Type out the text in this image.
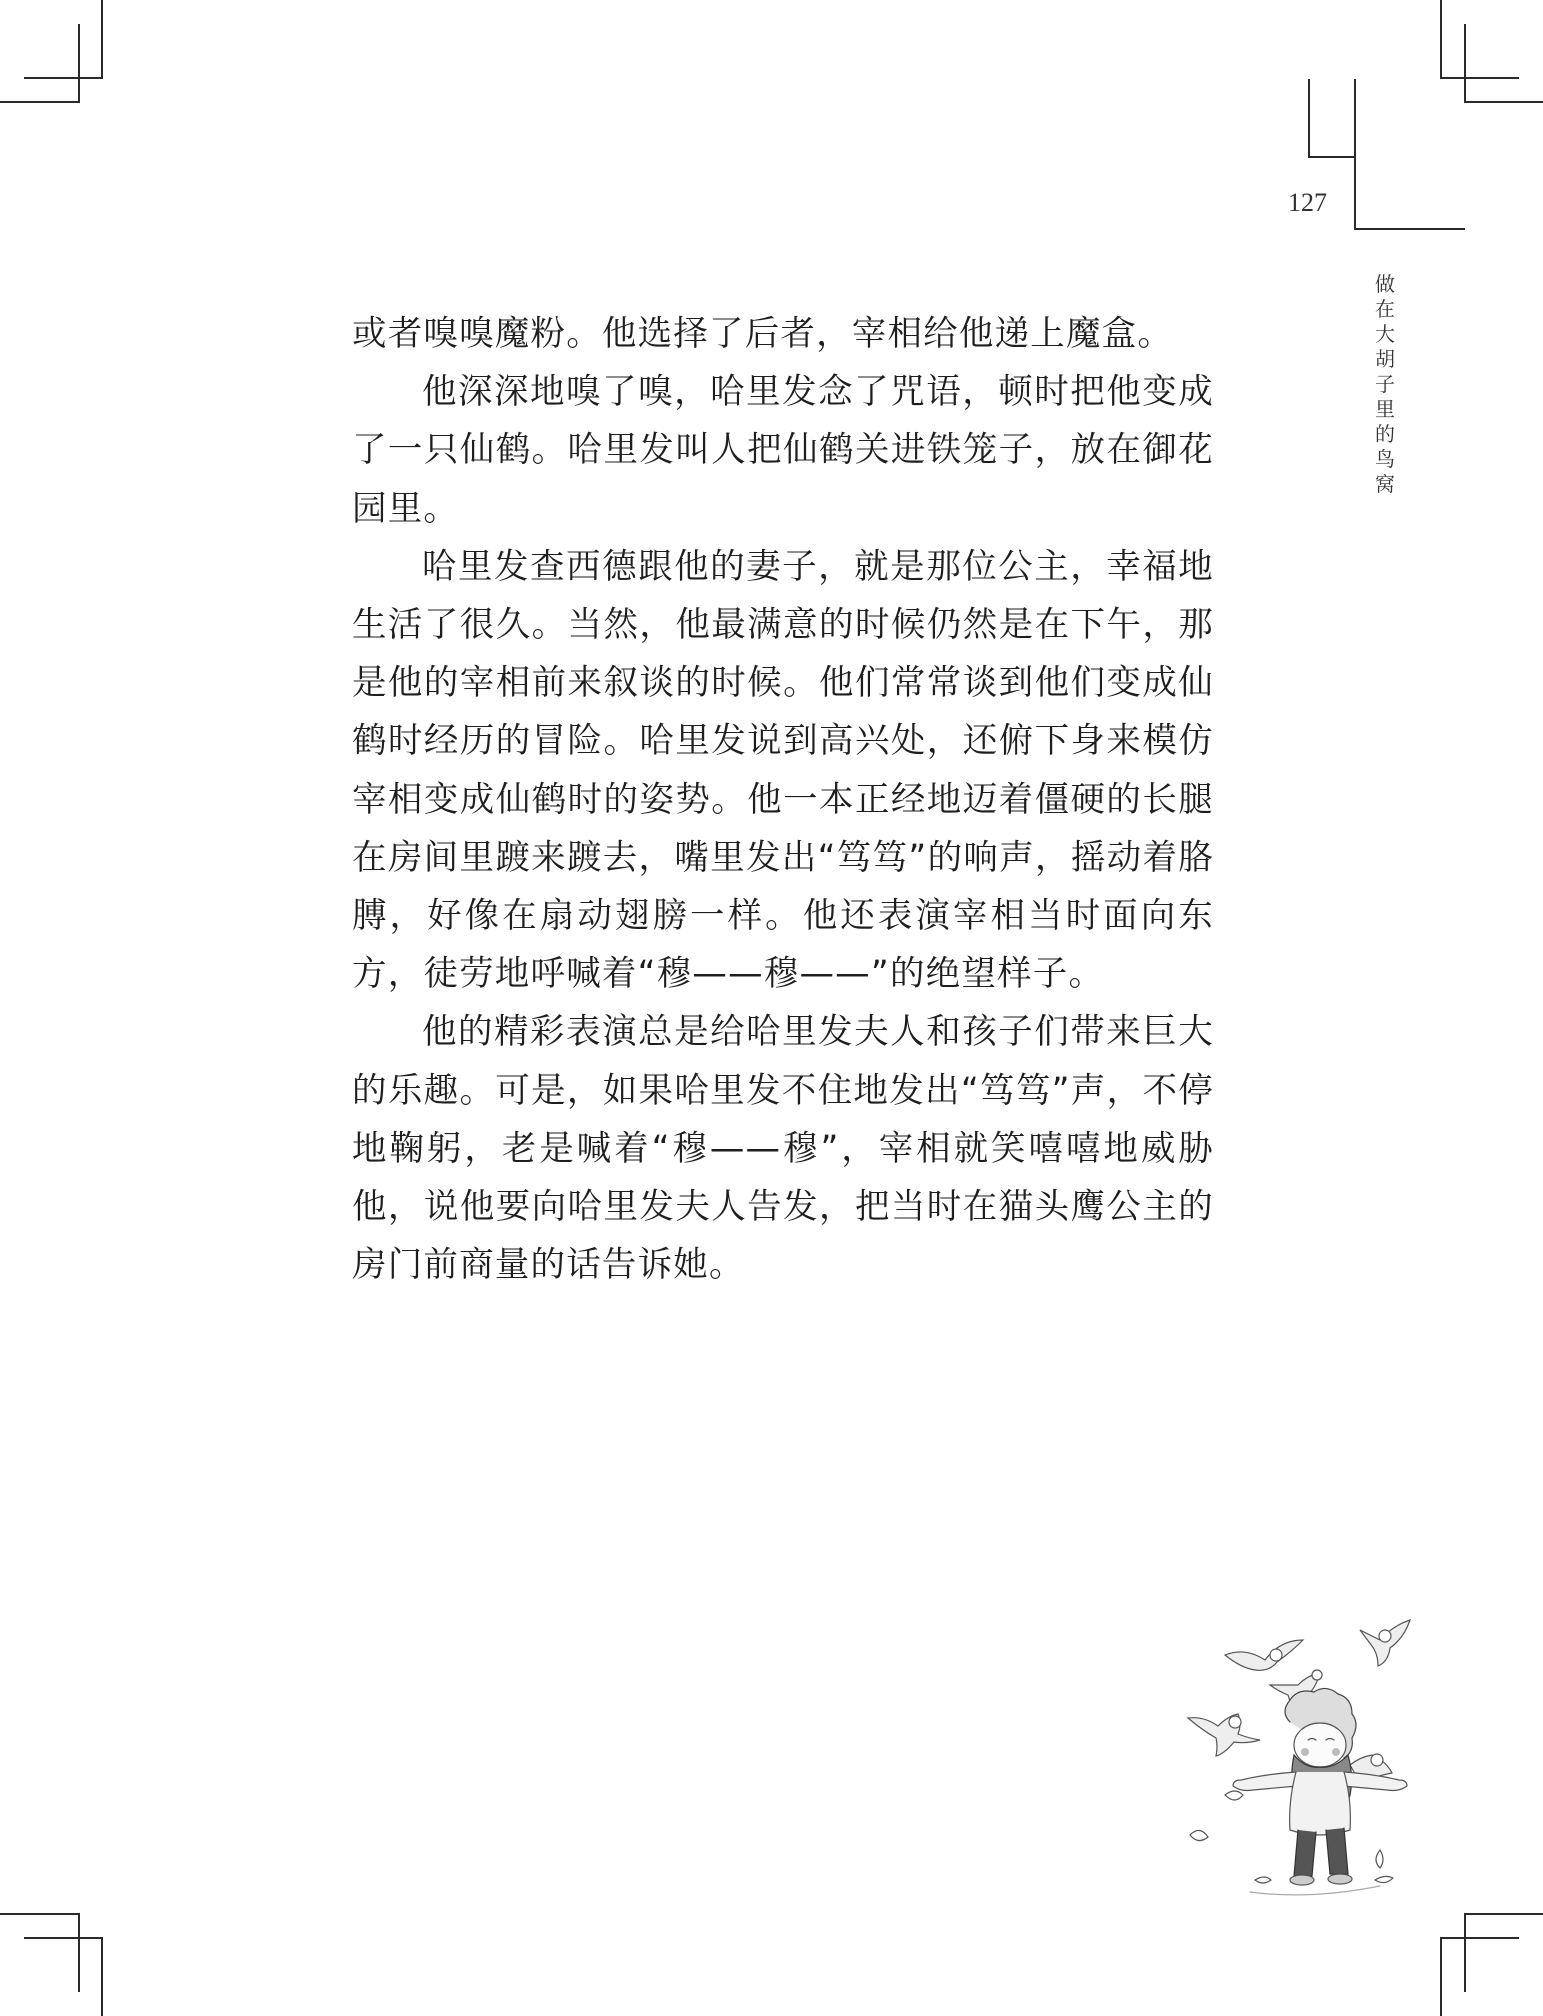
127
做
在
大
胡
子
里
的
鸟
窝

或者嗅嗅魔粉。他选择了后者，宰相给他递上魔盒。

他深深地嗅了嗅，哈里发念了咒语，顿时把他变成了一只仙鹤。哈里发叫人把仙鹤关进铁笼子，放在御花园里。

哈里发查西德跟他的妻子，就是那位公主，幸福地生活了很久。当然，他最满意的时候仍然是在下午，那是他的宰相前来叙谈的时候。他们常常谈到他们变成仙鹤时经历的冒险。哈里发说到高兴处，还俯下身来模仿宰相变成仙鹤时的姿势。他一本正经地迈着僵硬的长腿在房间里踱来踱去，嘴里发出“笃笃”的响声，摇动着胳膊，好像在扇动翅膀一样。他还表演宰相当时面向东方，徒劳地呼喊着“穆——穆——”的绝望样子。

他的精彩表演总是给哈里发夫人和孩子们带来巨大的乐趣。可是，如果哈里发不住地发出“笃笃”声，不停地鞠躬，老是喊着“穆——穆”，宰相就笑嘻嘻地威胁他，说他要向哈里发夫人告发，把当时在猫头鹰公主的房门前商量的话告诉她。
